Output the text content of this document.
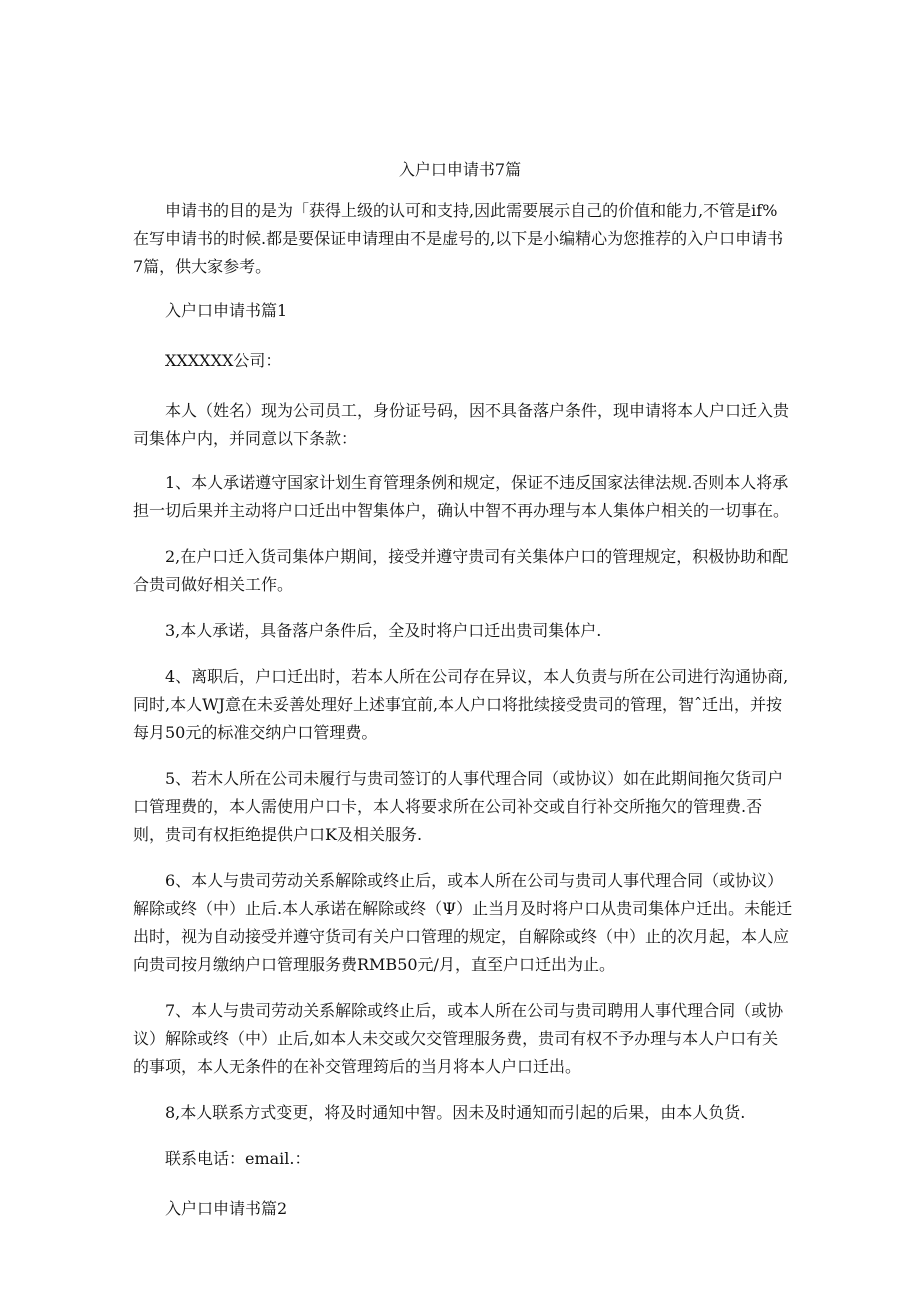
入户口申请书7篇

申请书的目的是为「获得上级的认可和支持,因此需要展示自己的价值和能力,不管是if%在写申请书的时候.都是要保证申请理由不是虚号的,以下是小编精心为您推荐的入户口申请书7篇，供大家参考。

入户口申请书篇1

XXXXXX公司：

本人（姓名）现为公司员工，身份证号码，因不具备落户条件，现申请将本人户口迁入贵司集体户内，并同意以下条款：

1、本人承诺遵守国家计划生育管理条例和规定，保证不违反国家法律法规.否则本人将承担一切后果并主动将户口迁出中智集体户，确认中智不再办理与本人集体户相关的一切事在。

2,在户口迁入货司集体户期间，接受并遵守贵司有关集体户口的管理规定，积极协助和配合贵司做好相关工作。

3,本人承诺，具备落户条件后，全及时将户口迁出贵司集体户.

4、离职后，户口迁出时，若本人所在公司存在异议，本人负责与所在公司进行沟通协商,同时,本人WJ意在未妥善处理好上述事宜前,本人户口将批续接受贵司的管理，智ˆ迁出，并按每月50元的标准交纳户口管理费。

5、若木人所在公司未履行与贵司签订的人事代理合同（或协议）如在此期间拖欠货司户口管理费的，本人需使用户口卡，本人将要求所在公司补交或自行补交所拖欠的管理费.否则，贵司有权拒绝提供户口K及相关服务.

6、本人与贵司劳动关系解除或终止后，或本人所在公司与贵司人事代理合同（或协议）解除或终（中）止后.本人承诺在解除或终（Ψ）止当月及时将户口从贵司集体户迁出。未能迁出时，视为自动接受并遵守货司有关户口管理的规定，自解除或终（中）止的次月起，本人应向贵司按月缴纳户口管理服务费RMB50元/月，直至户口迁出为止。

7、本人与贵司劳动关系解除或终止后，或本人所在公司与贵司聘用人事代理合同（或协议）解除或终（中）止后,如本人未交或欠交管理服务费，贵司有权不予办理与本人户口有关的事项，本人无条件的在补交管理筠后的当月将本人户口迁出。

8,本人联系方式变更，将及时通知中智。因未及时通知而引起的后果，由本人负货.

联系电话：email.：

入户口申请书篇2
